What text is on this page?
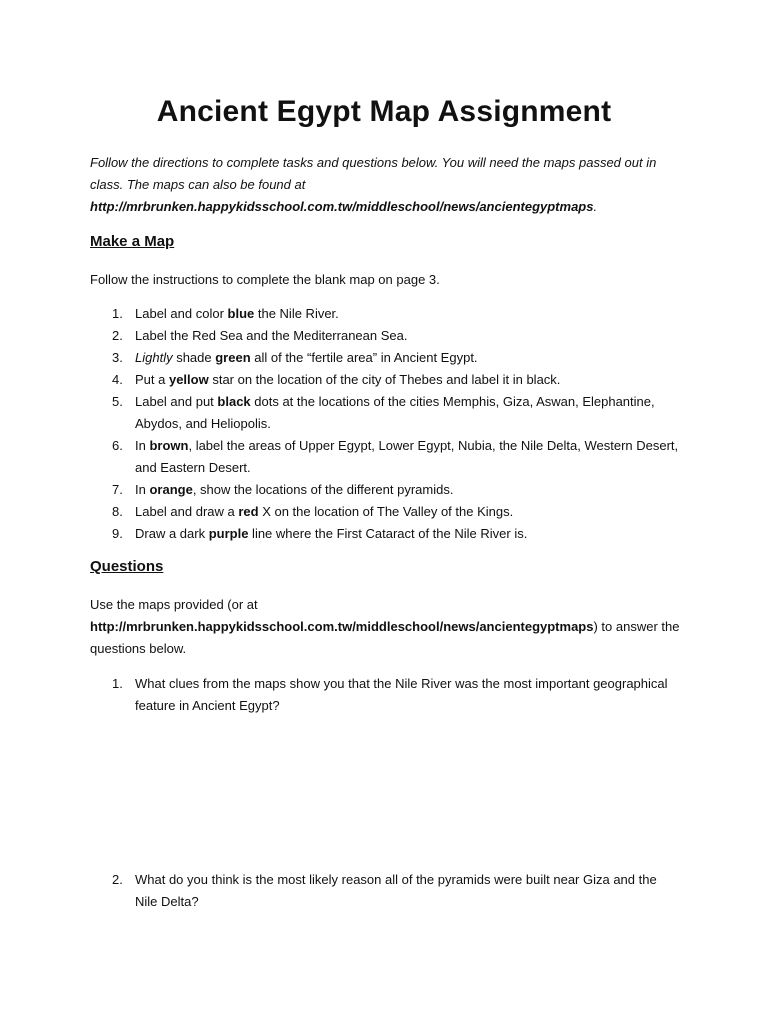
Ancient Egypt Map Assignment
Follow the directions to complete tasks and questions below. You will need the maps passed out in class. The maps can also be found at
http://mrbrunken.happykidsschool.com.tw/middleschool/news/ancientegyptmaps.
Make a Map

Follow the instructions to complete the blank map on page 3.

1. Label and color blue the Nile River.
2. Label the Red Sea and the Mediterranean Sea.
3. Lightly shade green all of the “fertile area” in Ancient Egypt.
4. Put a yellow star on the location of the city of Thebes and label it in black.
5. Label and put black dots at the locations of the cities Memphis, Giza, Aswan, Elephantine, Abydos, and Heliopolis.
6. In brown, label the areas of Upper Egypt, Lower Egypt, Nubia, the Nile Delta, Western Desert, and Eastern Desert.
7. In orange, show the locations of the different pyramids.
8. Label and draw a red X on the location of The Valley of the Kings.
9. Draw a dark purple line where the First Cataract of the Nile River is.
Questions
Use the maps provided (or at
http://mrbrunken.happykidsschool.com.tw/middleschool/news/ancientegyptmaps) to answer the questions below.
1. What clues from the maps show you that the Nile River was the most important geographical feature in Ancient Egypt?
2. What do you think is the most likely reason all of the pyramids were built near Giza and the Nile Delta?
